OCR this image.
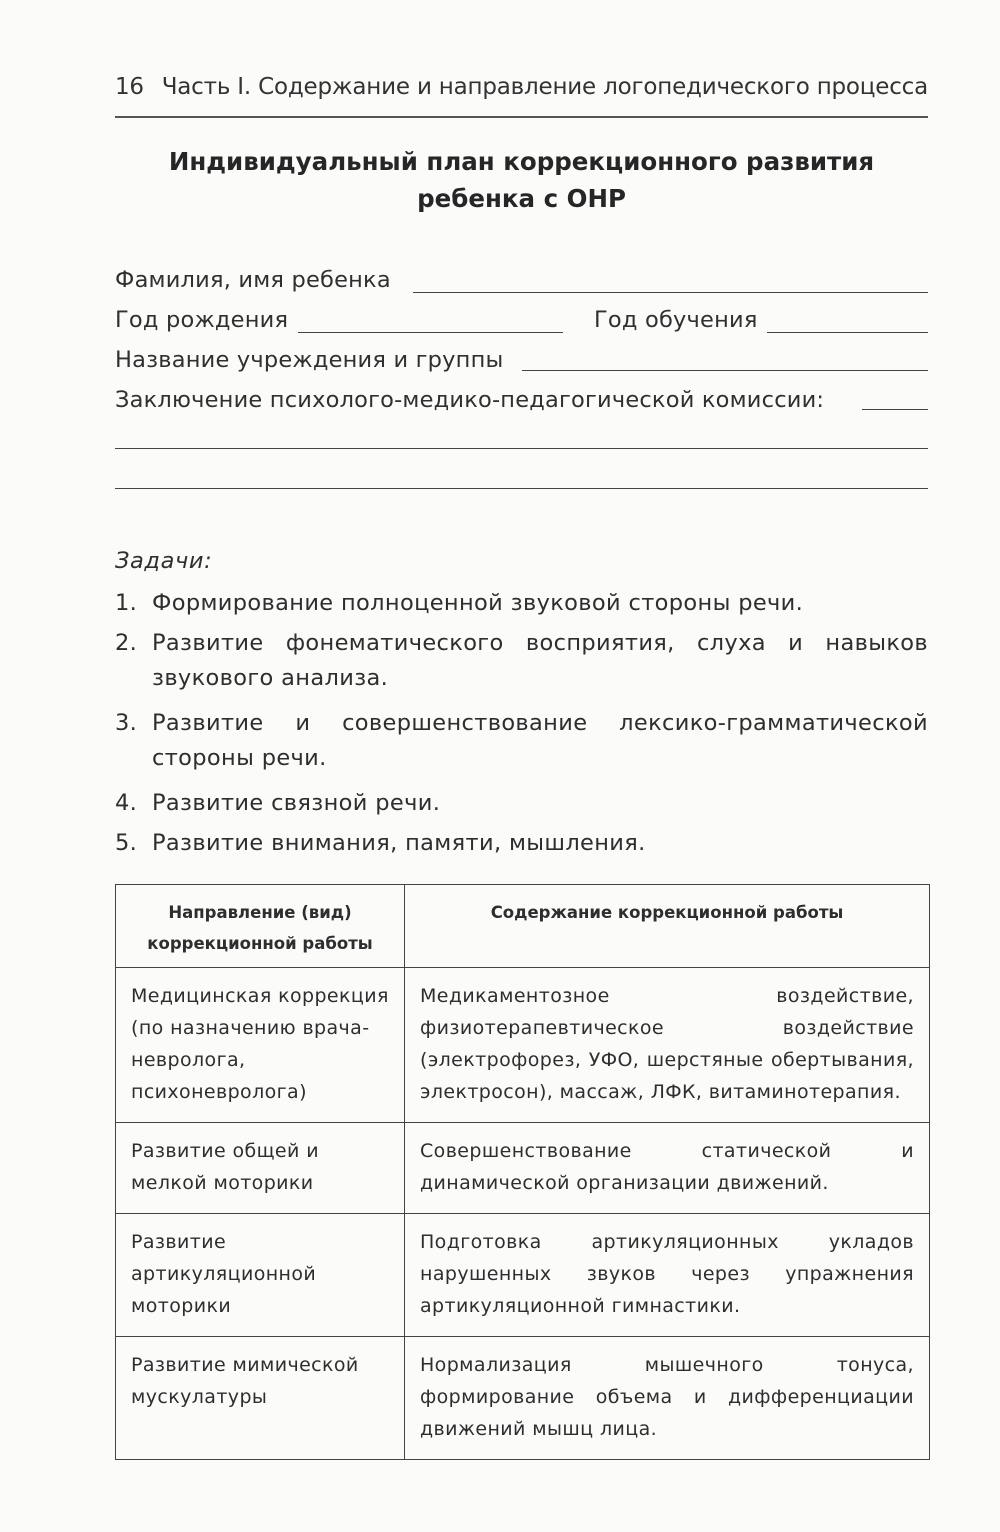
16 Часть I. Содержание и направление логопедического процесса
Индивидуальный план коррекционного развития
ребенка с ОНР
Фамилия, имя ребенка
Год рождения	Год обучения
Название учреждения и группы
Заключение психолого-медико-педагогической комиссии:
Задачи:
1. Формирование полноценной звуковой стороны речи.
2. Развитие фонематического восприятия, слуха и навыков звукового анализа.
3. Развитие и совершенствование лексико-грамматической стороны речи.
4. Развитие связной речи.
5. Развитие внимания, памяти, мышления.
Направление (вид) коррекционной работы	Содержание коррекционной работы
Медицинская коррекция (по назначению врача-невролога, психоневролога)	Медикаментозное воздействие, физиотерапевтическое воздействие (электрофорез, УФО, шерстяные обертывания, электросон), массаж, ЛФК, витаминотерапия.
Развитие общей и мелкой моторики	Совершенствование статической и динамической организации движений.
Развитие артикуляционной моторики	Подготовка артикуляционных укладов нарушенных звуков через упражнения артикуляционной гимнастики.
Развитие мимической мускулатуры	Нормализация мышечного тонуса, формирование объема и дифференциации движений мышц лица.
